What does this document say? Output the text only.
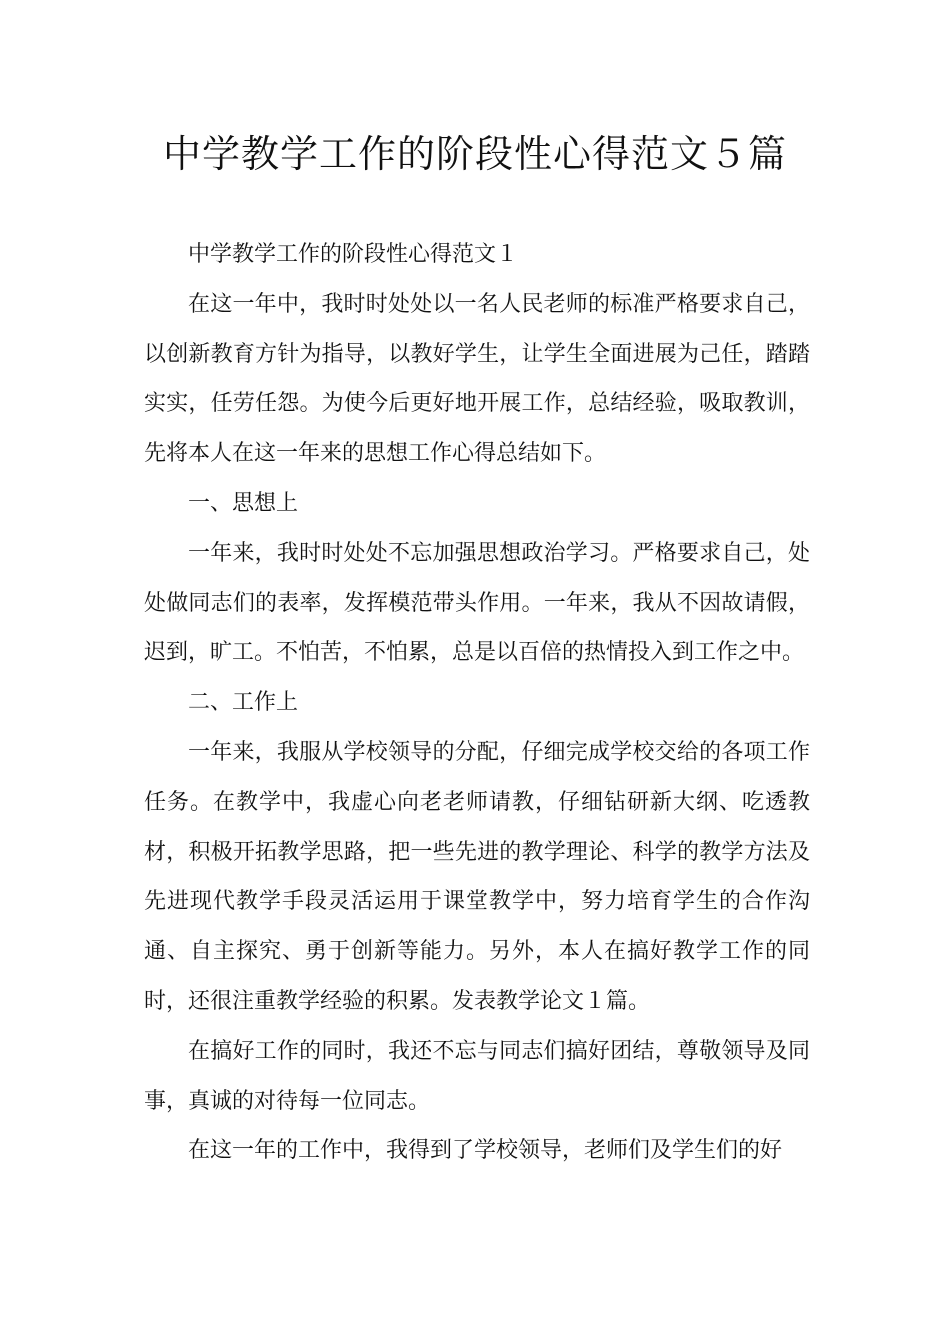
中学教学工作的阶段性心得范文５篇

中学教学工作的阶段性心得范文１

在这一年中，我时时处处以一名人民老师的标准严格要求自己，以创新教育方针为指导，以教好学生，让学生全面进展为己任，踏踏实实，任劳任怨。为使今后更好地开展工作，总结经验，吸取教训，先将本人在这一年来的思想工作心得总结如下。

一、思想上

一年来，我时时处处不忘加强思想政治学习。严格要求自己，处处做同志们的表率，发挥模范带头作用。一年来，我从不因故请假，迟到，旷工。不怕苦，不怕累，总是以百倍的热情投入到工作之中。

二、工作上

一年来，我服从学校领导的分配，仔细完成学校交给的各项工作任务。在教学中，我虚心向老老师请教，仔细钻研新大纲、吃透教材，积极开拓教学思路，把一些先进的教学理论、科学的教学方法及先进现代教学手段灵活运用于课堂教学中，努力培育学生的合作沟通、自主探究、勇于创新等能力。另外，本人在搞好教学工作的同时，还很注重教学经验的积累。发表教学论文１篇。

在搞好工作的同时，我还不忘与同志们搞好团结，尊敬领导及同事，真诚的对待每一位同志。

在这一年的工作中，我得到了学校领导，老师们及学生们的好
